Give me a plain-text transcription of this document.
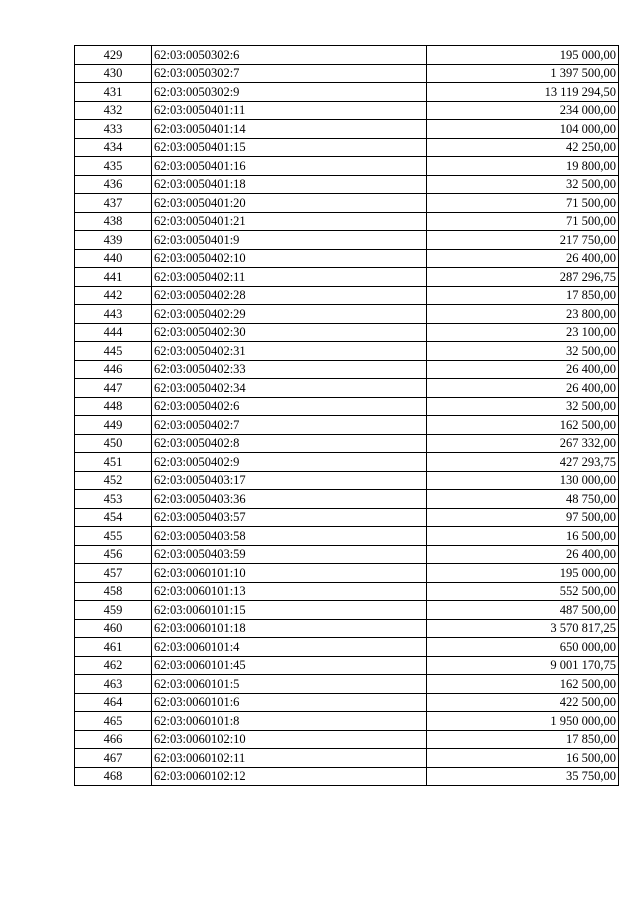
429	62:03:0050302:6	195 000,00
430	62:03:0050302:7	1 397 500,00
431	62:03:0050302:9	13 119 294,50
432	62:03:0050401:11	234 000,00
433	62:03:0050401:14	104 000,00
434	62:03:0050401:15	42 250,00
435	62:03:0050401:16	19 800,00
436	62:03:0050401:18	32 500,00
437	62:03:0050401:20	71 500,00
438	62:03:0050401:21	71 500,00
439	62:03:0050401:9	217 750,00
440	62:03:0050402:10	26 400,00
441	62:03:0050402:11	287 296,75
442	62:03:0050402:28	17 850,00
443	62:03:0050402:29	23 800,00
444	62:03:0050402:30	23 100,00
445	62:03:0050402:31	32 500,00
446	62:03:0050402:33	26 400,00
447	62:03:0050402:34	26 400,00
448	62:03:0050402:6	32 500,00
449	62:03:0050402:7	162 500,00
450	62:03:0050402:8	267 332,00
451	62:03:0050402:9	427 293,75
452	62:03:0050403:17	130 000,00
453	62:03:0050403:36	48 750,00
454	62:03:0050403:57	97 500,00
455	62:03:0050403:58	16 500,00
456	62:03:0050403:59	26 400,00
457	62:03:0060101:10	195 000,00
458	62:03:0060101:13	552 500,00
459	62:03:0060101:15	487 500,00
460	62:03:0060101:18	3 570 817,25
461	62:03:0060101:4	650 000,00
462	62:03:0060101:45	9 001 170,75
463	62:03:0060101:5	162 500,00
464	62:03:0060101:6	422 500,00
465	62:03:0060101:8	1 950 000,00
466	62:03:0060102:10	17 850,00
467	62:03:0060102:11	16 500,00
468	62:03:0060102:12	35 750,00
